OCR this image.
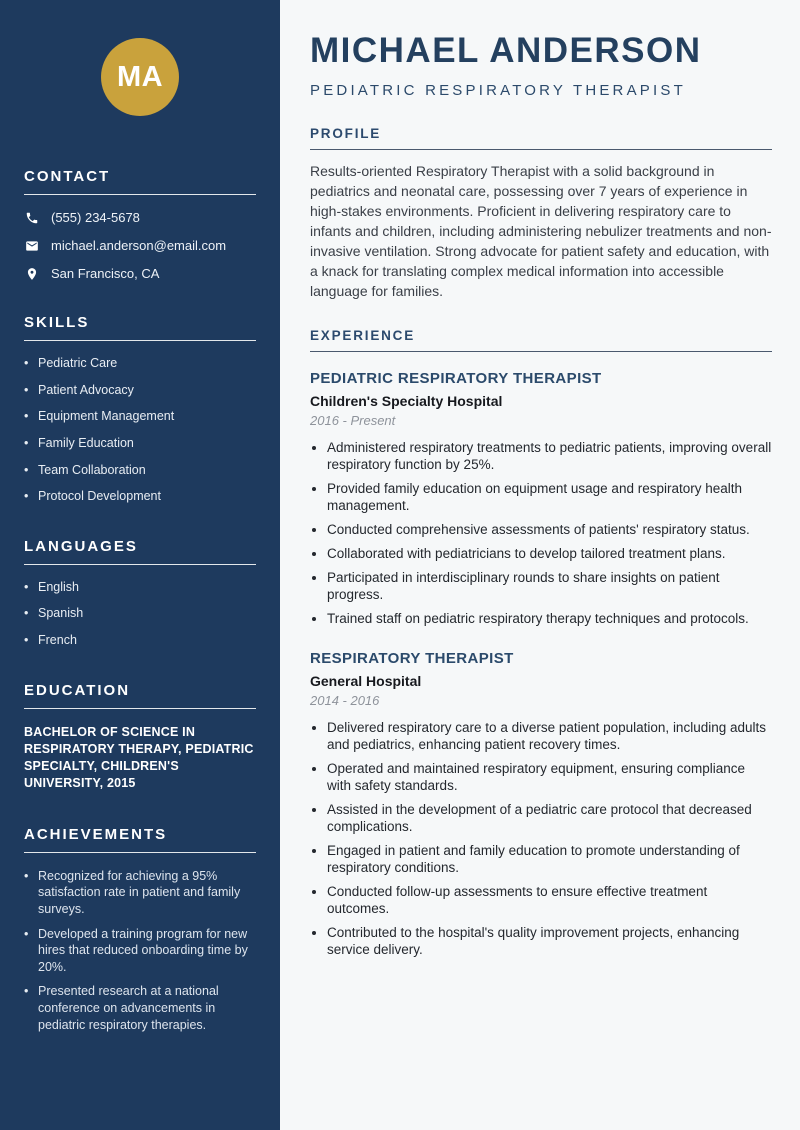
MA
CONTACT
(555) 234-5678
michael.anderson@email.com
San Francisco, CA
SKILLS
• Pediatric Care
• Patient Advocacy
• Equipment Management
• Family Education
• Team Collaboration
• Protocol Development
LANGUAGES
• English
• Spanish
• French
EDUCATION

BACHELOR OF SCIENCE IN RESPIRATORY THERAPY, PEDIATRIC SPECIALTY, CHILDREN'S UNIVERSITY, 2015

ACHIEVEMENTS
• Recognized for achieving a 95% satisfaction rate in patient and family surveys.
• Developed a training program for new hires that reduced onboarding time by 20%.
• Presented research at a national conference on advancements in pediatric respiratory therapies.
MICHAEL ANDERSON
PEDIATRIC RESPIRATORY THERAPIST
PROFILE

Results-oriented Respiratory Therapist with a solid background in pediatrics and neonatal care, possessing over 7 years of experience in high-stakes environments. Proficient in delivering respiratory care to infants and children, including administering nebulizer treatments and non-invasive ventilation. Strong advocate for patient safety and education, with a knack for translating complex medical information into accessible language for families.

EXPERIENCE
PEDIATRIC RESPIRATORY THERAPIST
Children's Specialty Hospital
2016 - Present
• Administered respiratory treatments to pediatric patients, improving overall respiratory function by 25%.
• Provided family education on equipment usage and respiratory health management.
• Conducted comprehensive assessments of patients' respiratory status.
• Collaborated with pediatricians to develop tailored treatment plans.
• Participated in interdisciplinary rounds to share insights on patient progress.
• Trained staff on pediatric respiratory therapy techniques and protocols.
RESPIRATORY THERAPIST
General Hospital
2014 - 2016
• Delivered respiratory care to a diverse patient population, including adults and pediatrics, enhancing patient recovery times.
• Operated and maintained respiratory equipment, ensuring compliance with safety standards.
• Assisted in the development of a pediatric care protocol that decreased complications.
• Engaged in patient and family education to promote understanding of respiratory conditions.
• Conducted follow-up assessments to ensure effective treatment outcomes.
• Contributed to the hospital's quality improvement projects, enhancing service delivery.
